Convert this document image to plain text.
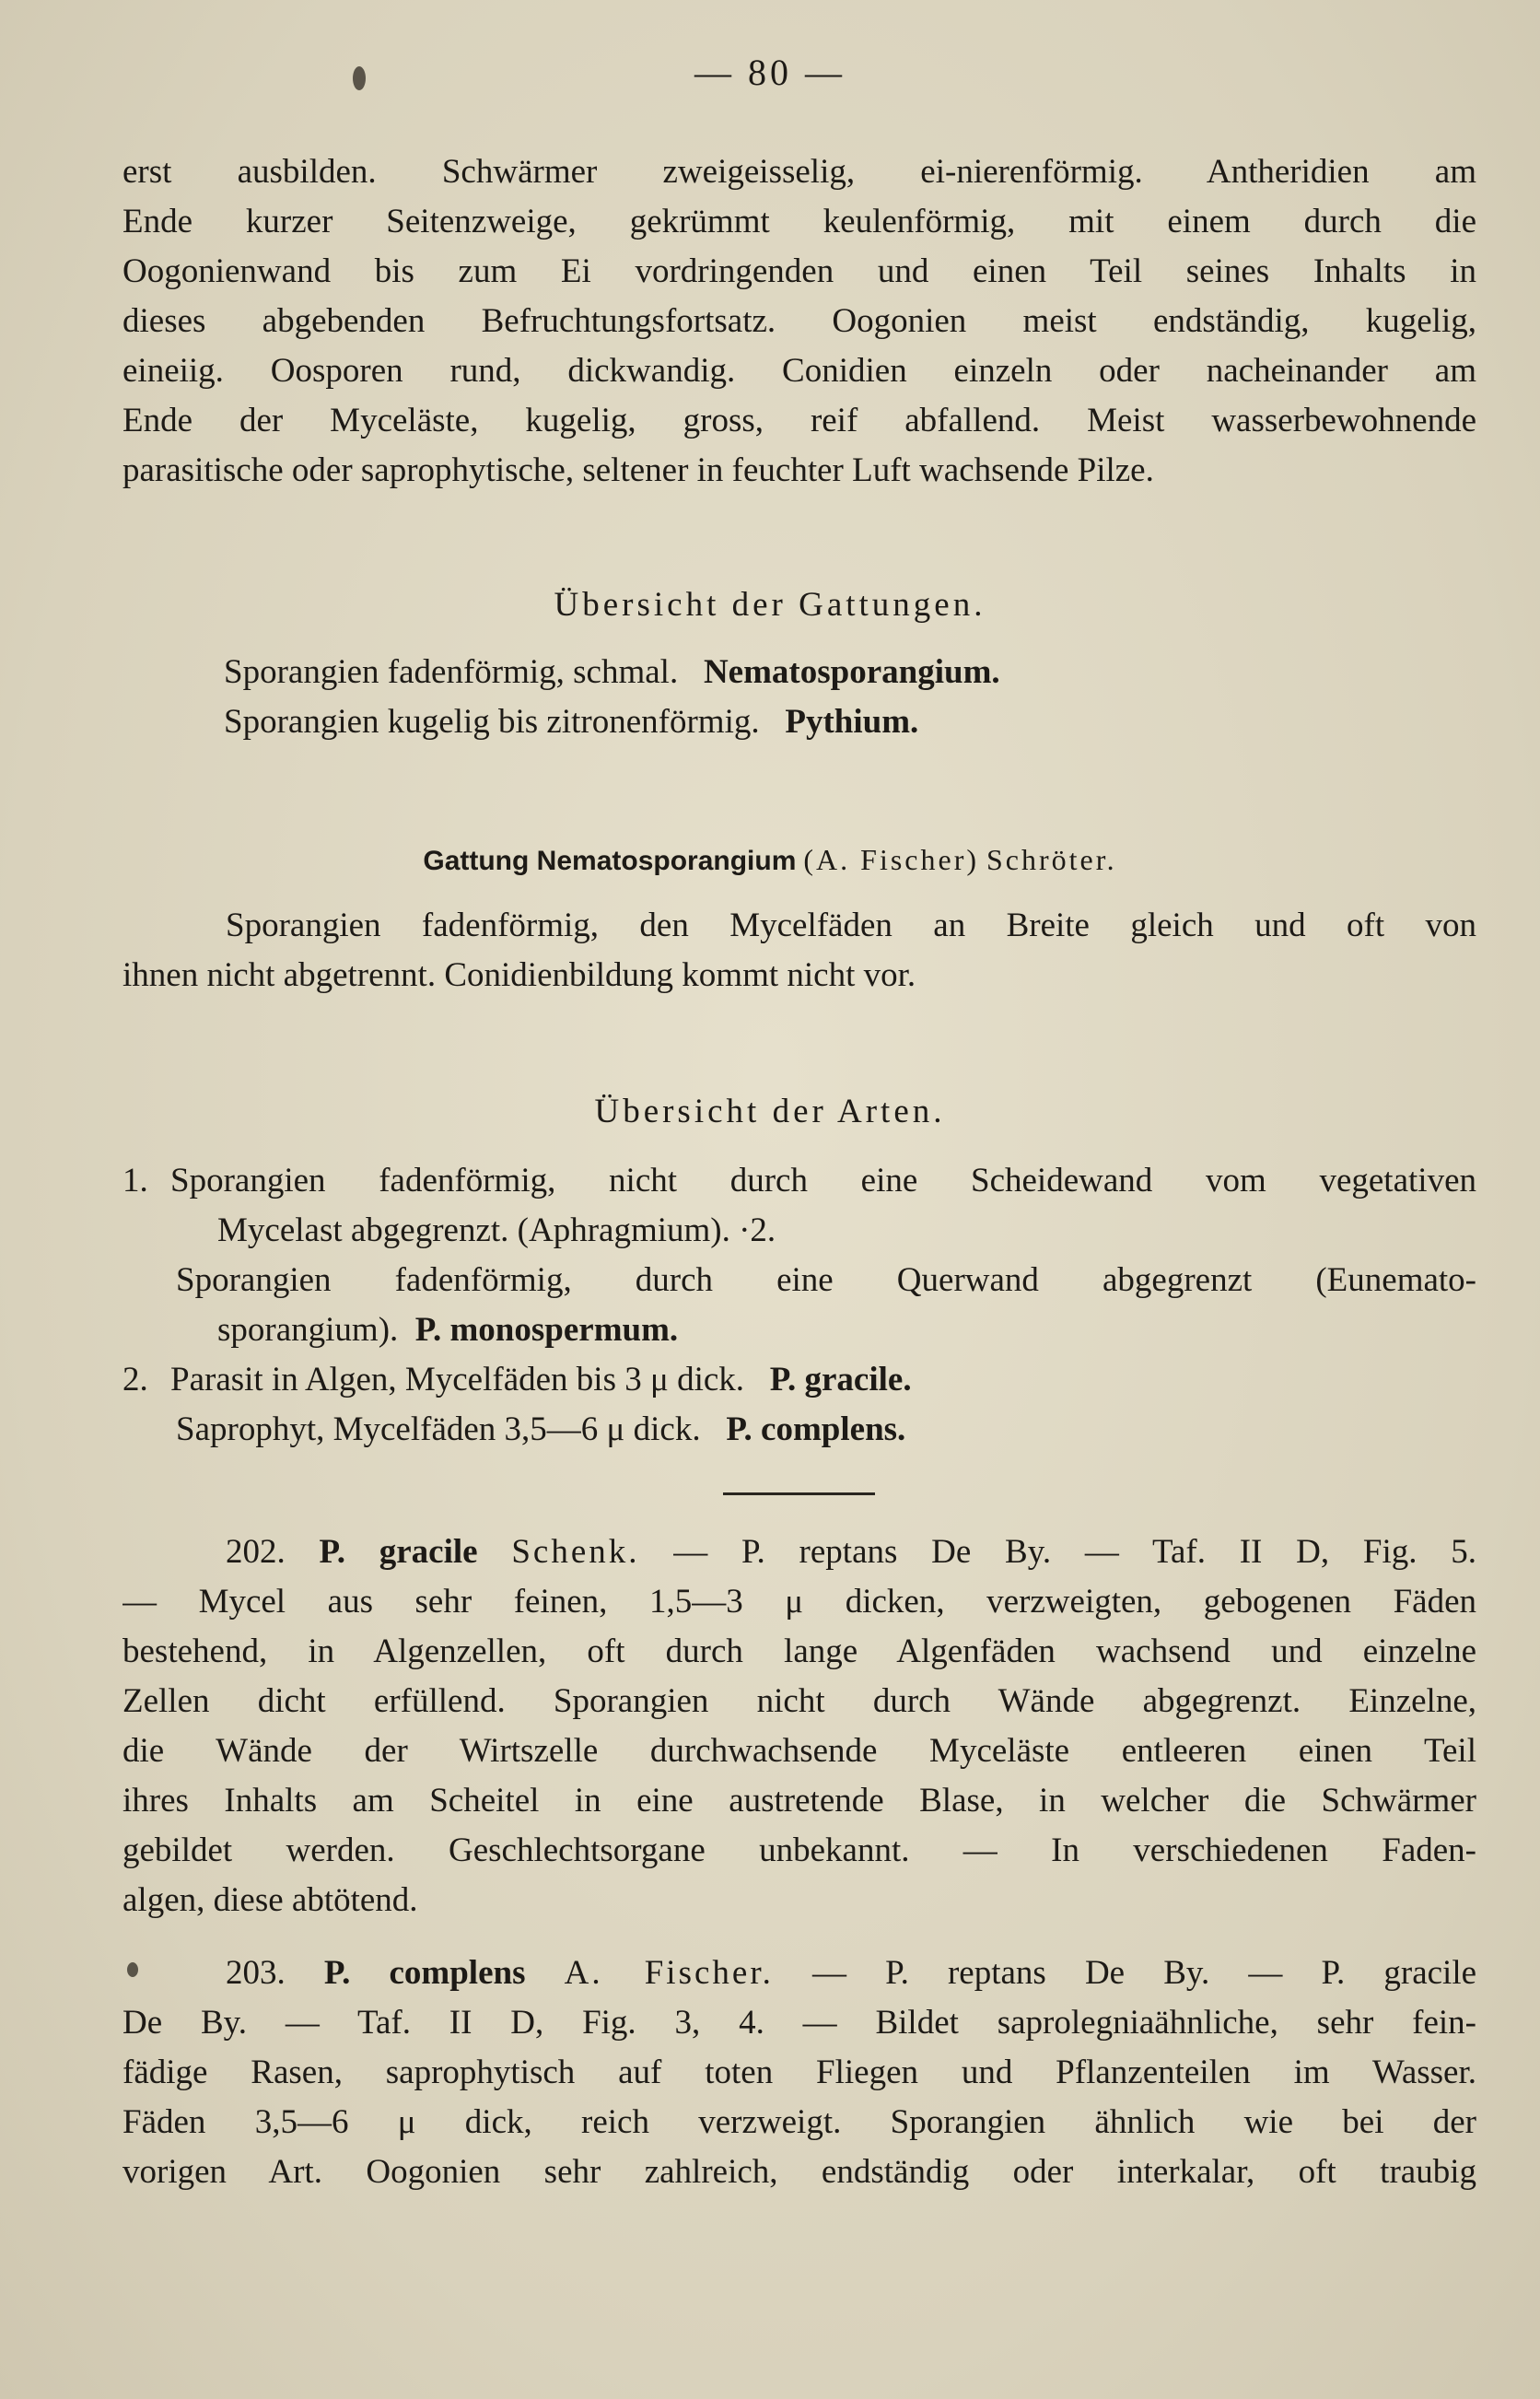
— 80 —
erst ausbilden. Schwärmer zweigeisselig, ei-nierenförmig. Antheridien am
Ende kurzer Seitenzweige, gekrümmt keulenförmig, mit einem durch die
Oogonienwand bis zum Ei vordringenden und einen Teil seines Inhalts in
dieses abgebenden Befruchtungsfortsatz. Oogonien meist endständig, kugelig,
eineiig. Oosporen rund, dickwandig. Conidien einzeln oder nacheinander am
Ende der Myceläste, kugelig, gross, reif abfallend. Meist wasserbewohnende
parasitische oder saprophytische, seltener in feuchter Luft wachsende Pilze.
Übersicht der Gattungen.
Sporangien fadenförmig, schmal. Nematosporangium.
Sporangien kugelig bis zitronenförmig. Pythium.
Gattung Nematosporangium (A. Fischer) Schröter.
Sporangien fadenförmig, den Mycelfäden an Breite gleich und oft von
ihnen nicht abgetrennt. Conidienbildung kommt nicht vor.
Übersicht der Arten.
1. Sporangien fadenförmig, nicht durch eine Scheidewand vom vegetativen
Mycelast abgegrenzt. (Aphragmium). ·2.
Sporangien fadenförmig, durch eine Querwand abgegrenzt (Eunemato-
sporangium). P. monospermum.
2. Parasit in Algen, Mycelfäden bis 3 μ dick. P. gracile.
Saprophyt, Mycelfäden 3,5—6 μ dick. P. complens.
202. P. gracile Schenk. — P. reptans De By. — Taf. II D, Fig. 5.
— Mycel aus sehr feinen, 1,5—3 μ dicken, verzweigten, gebogenen Fäden
bestehend, in Algenzellen, oft durch lange Algenfäden wachsend und einzelne
Zellen dicht erfüllend. Sporangien nicht durch Wände abgegrenzt. Einzelne,
die Wände der Wirtszelle durchwachsende Myceläste entleeren einen Teil
ihres Inhalts am Scheitel in eine austretende Blase, in welcher die Schwärmer
gebildet werden. Geschlechtsorgane unbekannt. — In verschiedenen Faden-
algen, diese abtötend.
203. P. complens A. Fischer. — P. reptans De By. — P. gracile
De By. — Taf. II D, Fig. 3, 4. — Bildet saprolegniaähnliche, sehr fein-
fädige Rasen, saprophytisch auf toten Fliegen und Pflanzenteilen im Wasser.
Fäden 3,5—6 μ dick, reich verzweigt. Sporangien ähnlich wie bei der
vorigen Art. Oogonien sehr zahlreich, endständig oder interkalar, oft traubig
